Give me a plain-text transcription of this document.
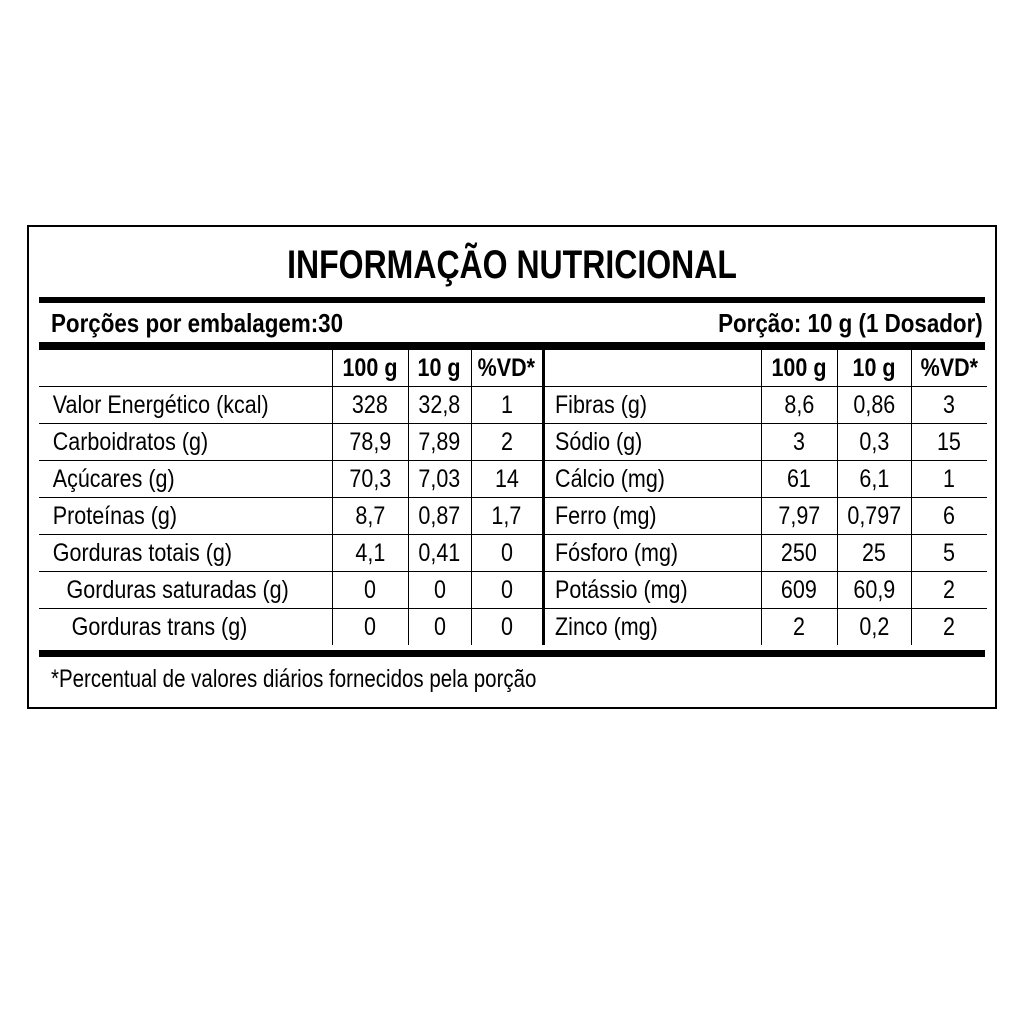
INFORMAÇÃO NUTRICIONAL
Porções por embalagem:30	Porção: 10 g (1 Dosador)
	100 g	10 g	%VD*
Valor Energético (kcal)	328	32,8	1
Carboidratos (g)	78,9	7,89	2
Açúcares (g)	70,3	7,03	14
Proteínas (g)	8,7	0,87	1,7
Gorduras totais (g)	4,1	0,41	0
Gorduras saturadas (g)	0	0	0
Gorduras trans (g)	0	0	0
	100 g	10 g	%VD*
Fibras (g)	8,6	0,86	3
Sódio (g)	3	0,3	15
Cálcio (mg)	61	6,1	1
Ferro (mg)	7,97	0,797	6
Fósforo (mg)	250	25	5
Potássio (mg)	609	60,9	2
Zinco (mg)	2	0,2	2
*Percentual de valores diários fornecidos pela porção
